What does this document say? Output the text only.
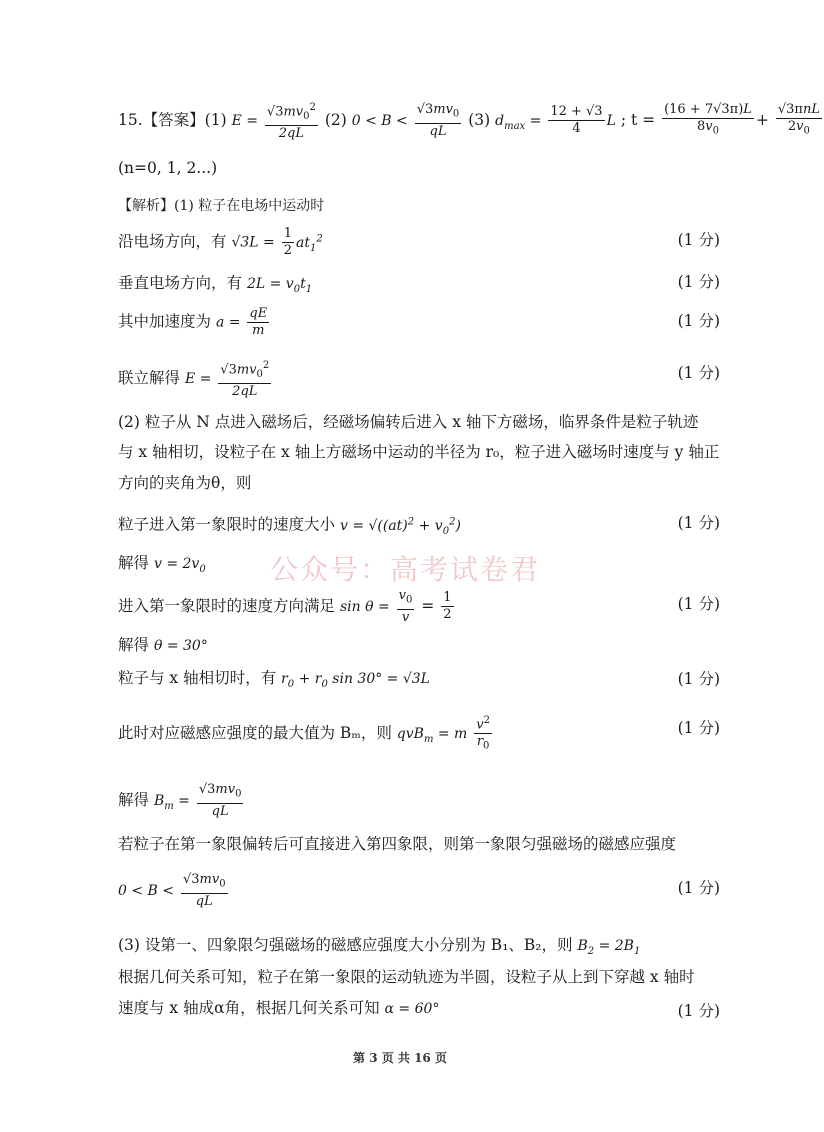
15.【答案】(1) $E = \frac{√3mv_0^2}{2qL} (2) 0 < B < \frac{√3mv_0}{qL} (3) d_{max} = \frac{12 + √3}{4}$ L ; $t = \frac{(16 + 7√3\pi)L}{8v_0}$ +
√3πnL
$2v_0$
(n=0, 1, 2...)
【解析】(1) 粒子在电场中运动时
沿电场方向，有 $√3L = \frac{1}{2} at_1^2$	(1 分)
垂直电场方向，有 $2L = v_0t_1$	(1 分)
其中加速度为 $a = \frac{qE}{m}$	(1 分)
联立解得 $E = \frac{√3mv_0^2}{2qL}$	(1 分)
(2) 粒子从 N 点进入磁场后，经磁场偏转后进入 x 轴下方磁场，临界条件是粒子轨迹
与 x 轴相切，设粒子在 x 轴上方磁场中运动的半径为 r₀，粒子进入磁场时速度与 y 轴正
方向的夹角为θ，则
粒子进入第一象限时的速度大小 $v = √((at)^2 + v_0^2)$	(1 分)
解得 $v = 2v_0$	公众号：高考试卷君
进入第一象限时的速度方向满足 $\sin \theta = \frac{v_0}{v} = \frac{1}{2}$	(1 分)
解得 θ = 30°
粒子与 x 轴相切时，有 $r_0 + r_0$ sin 30° = √3L	(1 分)
此时对应磁感应强度的最大值为 Bₘ，则 qvB$_m$ = m $\frac{v^2}{r_0}$	(1 分)
解得 $B_m = \frac{√3mv_0}{qL}$
若粒子在第一象限偏转后可直接进入第四象限，则第一象限匀强磁场的磁感应强度
$0 < B < \frac{√3mv_0}{qL}$	(1 分)
(3) 设第一、四象限匀强磁场的磁感应强度大小分别为 B₁、B₂，则 $B_2 = 2B_1$
根据几何关系可知，粒子在第一象限的运动轨迹为半圆，设粒子从上到下穿越 x 轴时
速度与 x 轴成α角，根据几何关系可知 α = 60°	(1 分)
第 3 页 共 16 页
